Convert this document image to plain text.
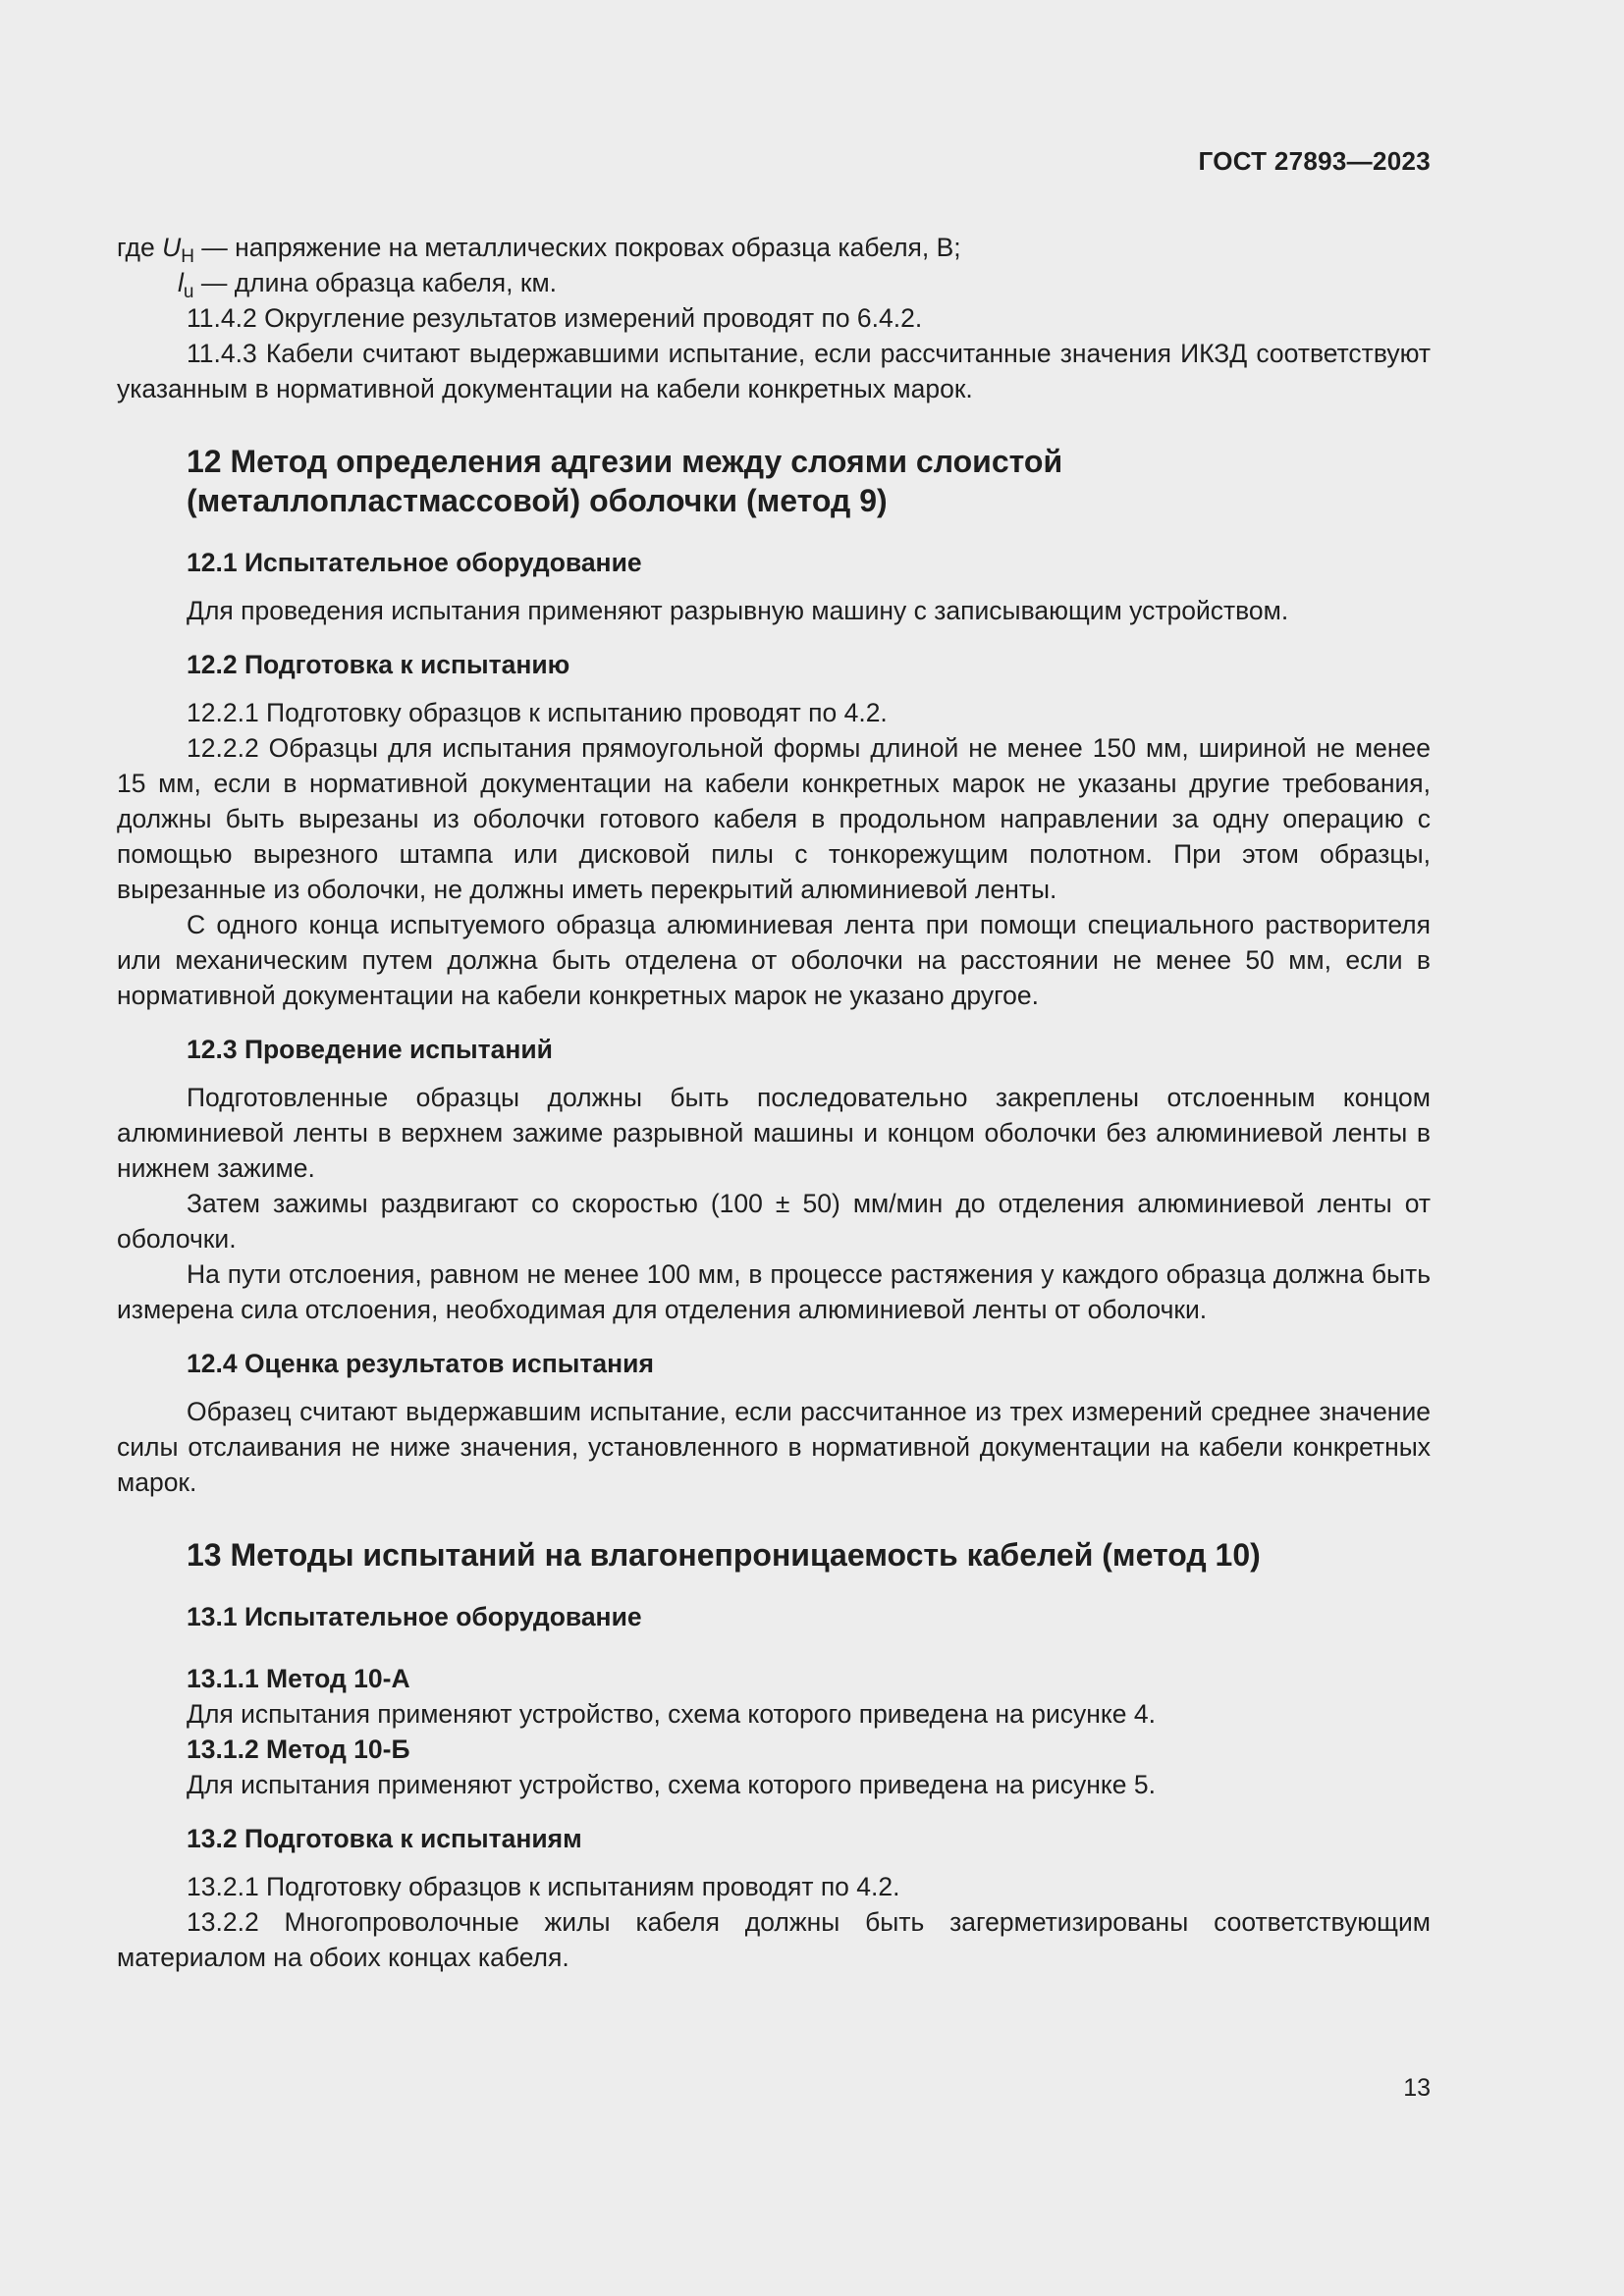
ГОСТ 27893—2023

где $U_H$ — напряжение на металлических покровах образца кабеля, В;

$l_u$ — длина образца кабеля, км.

11.4.2 Округление результатов измерений проводят по 6.4.2.

11.4.3 Кабели считают выдержавшими испытание, если рассчитанные значения ИКЗД соответствуют указанным в нормативной документации на кабели конкретных марок.

12 Метод определения адгезии между слоями слоистой
(металлопластмассовой) оболочки (метод 9)
12.1 Испытательное оборудование

Для проведения испытания применяют разрывную машину с записывающим устройством.

12.2 Подготовка к испытанию

12.2.1 Подготовку образцов к испытанию проводят по 4.2.

12.2.2 Образцы для испытания прямоугольной формы длиной не менее 150 мм, шириной не менее 15 мм, если в нормативной документации на кабели конкретных марок не указаны другие требования, должны быть вырезаны из оболочки готового кабеля в продольном направлении за одну операцию с помощью вырезного штампа или дисковой пилы с тонкорежущим полотном. При этом образцы, вырезанные из оболочки, не должны иметь перекрытий алюминиевой ленты.

С одного конца испытуемого образца алюминиевая лента при помощи специального растворителя или механическим путем должна быть отделена от оболочки на расстоянии не менее 50 мм, если в нормативной документации на кабели конкретных марок не указано другое.

12.3 Проведение испытаний

Подготовленные образцы должны быть последовательно закреплены отслоенным концом алюминиевой ленты в верхнем зажиме разрывной машины и концом оболочки без алюминиевой ленты в нижнем зажиме.

Затем зажимы раздвигают со скоростью (100 ± 50) мм/мин до отделения алюминиевой ленты от оболочки.

На пути отслоения, равном не менее 100 мм, в процессе растяжения у каждого образца должна быть измерена сила отслоения, необходимая для отделения алюминиевой ленты от оболочки.

12.4 Оценка результатов испытания

Образец считают выдержавшим испытание, если рассчитанное из трех измерений среднее значение силы отслаивания не ниже значения, установленного в нормативной документации на кабели конкретных марок.

13 Методы испытаний на влагонепроницаемость кабелей (метод 10)
13.1 Испытательное оборудование
13.1.1 Метод 10-А

Для испытания применяют устройство, схема которого приведена на рисунке 4.

13.1.2 Метод 10-Б

Для испытания применяют устройство, схема которого приведена на рисунке 5.

13.2 Подготовка к испытаниям

13.2.1 Подготовку образцов к испытаниям проводят по 4.2.

13.2.2 Многопроволочные жилы кабеля должны быть загерметизированы соответствующим материалом на обоих концах кабеля.

13
